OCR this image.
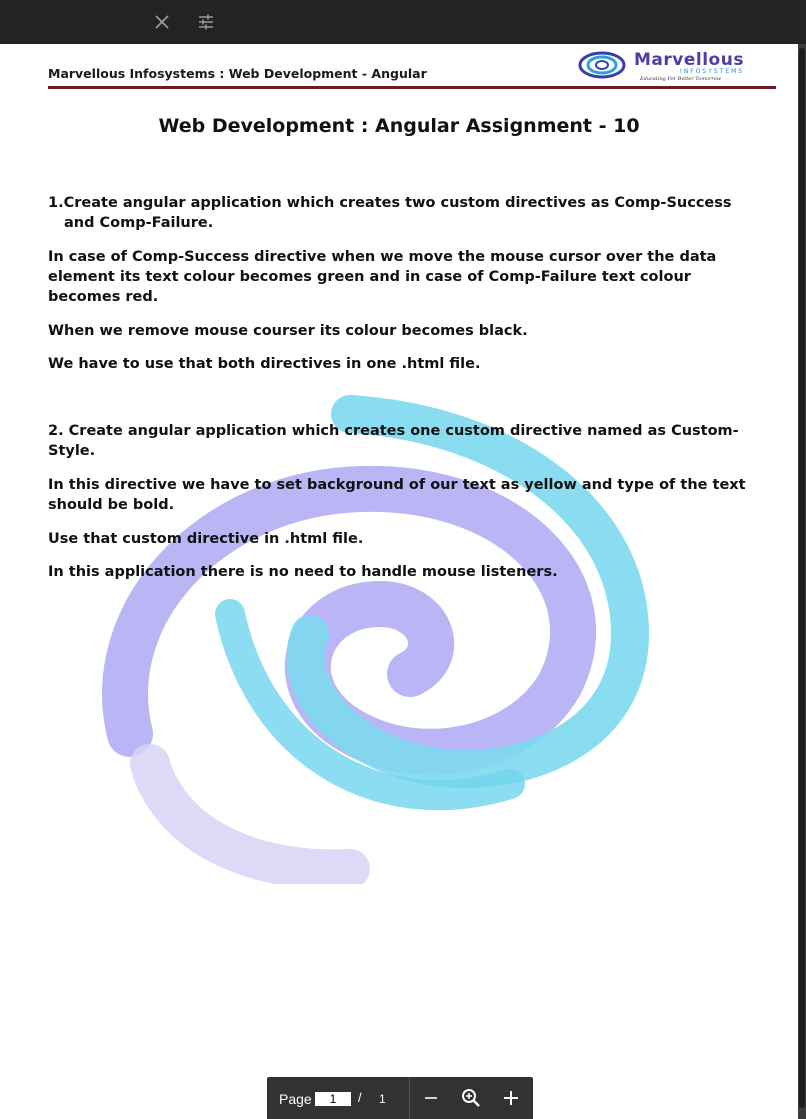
Marvellous Infosystems : Web Development - Angular
Marvellous
INFOSYSTEMS
Educating For Better Tomorrow
Web Development : Angular Assignment - 10

1.Create angular application which creates two custom directives as Comp-Success

and Comp-Failure.

In case of Comp-Success directive when we move the mouse cursor over the data element its text colour becomes green and in case of Comp-Failure text colour becomes red.

When we remove mouse courser its colour becomes black.

We have to use that both directives in one .html file.

2. Create angular application which creates one custom directive named as Custom-Style.

In this directive we have to set background of our text as yellow and type of the text should be bold.

Use that custom directive in .html file.

In this application there is no need to handle mouse listeners.

Page	1	/ 1
